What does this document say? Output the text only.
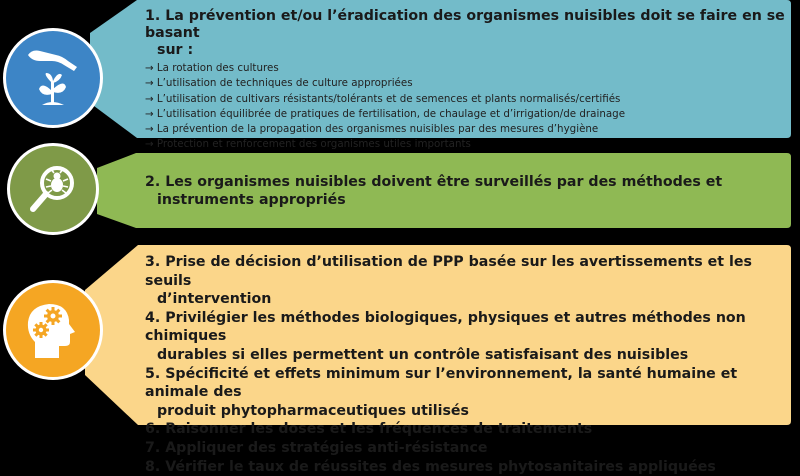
1. La prévention et/ou l’éradication des organismes nuisibles doit se faire en se basant
sur :
→ La rotation des cultures
→ L’utilisation de techniques de culture appropriées
→ L’utilisation de cultivars résistants/tolérants et de semences et plants normalisés/certifiés
→ L’utilisation équilibrée de pratiques de fertilisation, de chaulage et d’irrigation/de drainage
→ La prévention de la propagation des organismes nuisibles par des mesures d’hygiène
→ Protection et renforcement des organismes utiles importants
2. Les organismes nuisibles doivent être surveillés par des méthodes et
instruments appropriés
3. Prise de décision d’utilisation de PPP basée sur les avertissements et les seuils
d’intervention
4. Privilégier les méthodes biologiques, physiques et autres méthodes non chimiques
durables si elles permettent un contrôle satisfaisant des nuisibles
5. Spécificité et effets minimum sur l’environnement, la santé humaine et animale des
produit phytopharmaceutiques utilisés
6. Raisonner les doses et les fréquences de traitements
7. Appliquer des stratégies anti-résistance
8. Vérifier le taux de réussites des mesures phytosanitaires appliquées
